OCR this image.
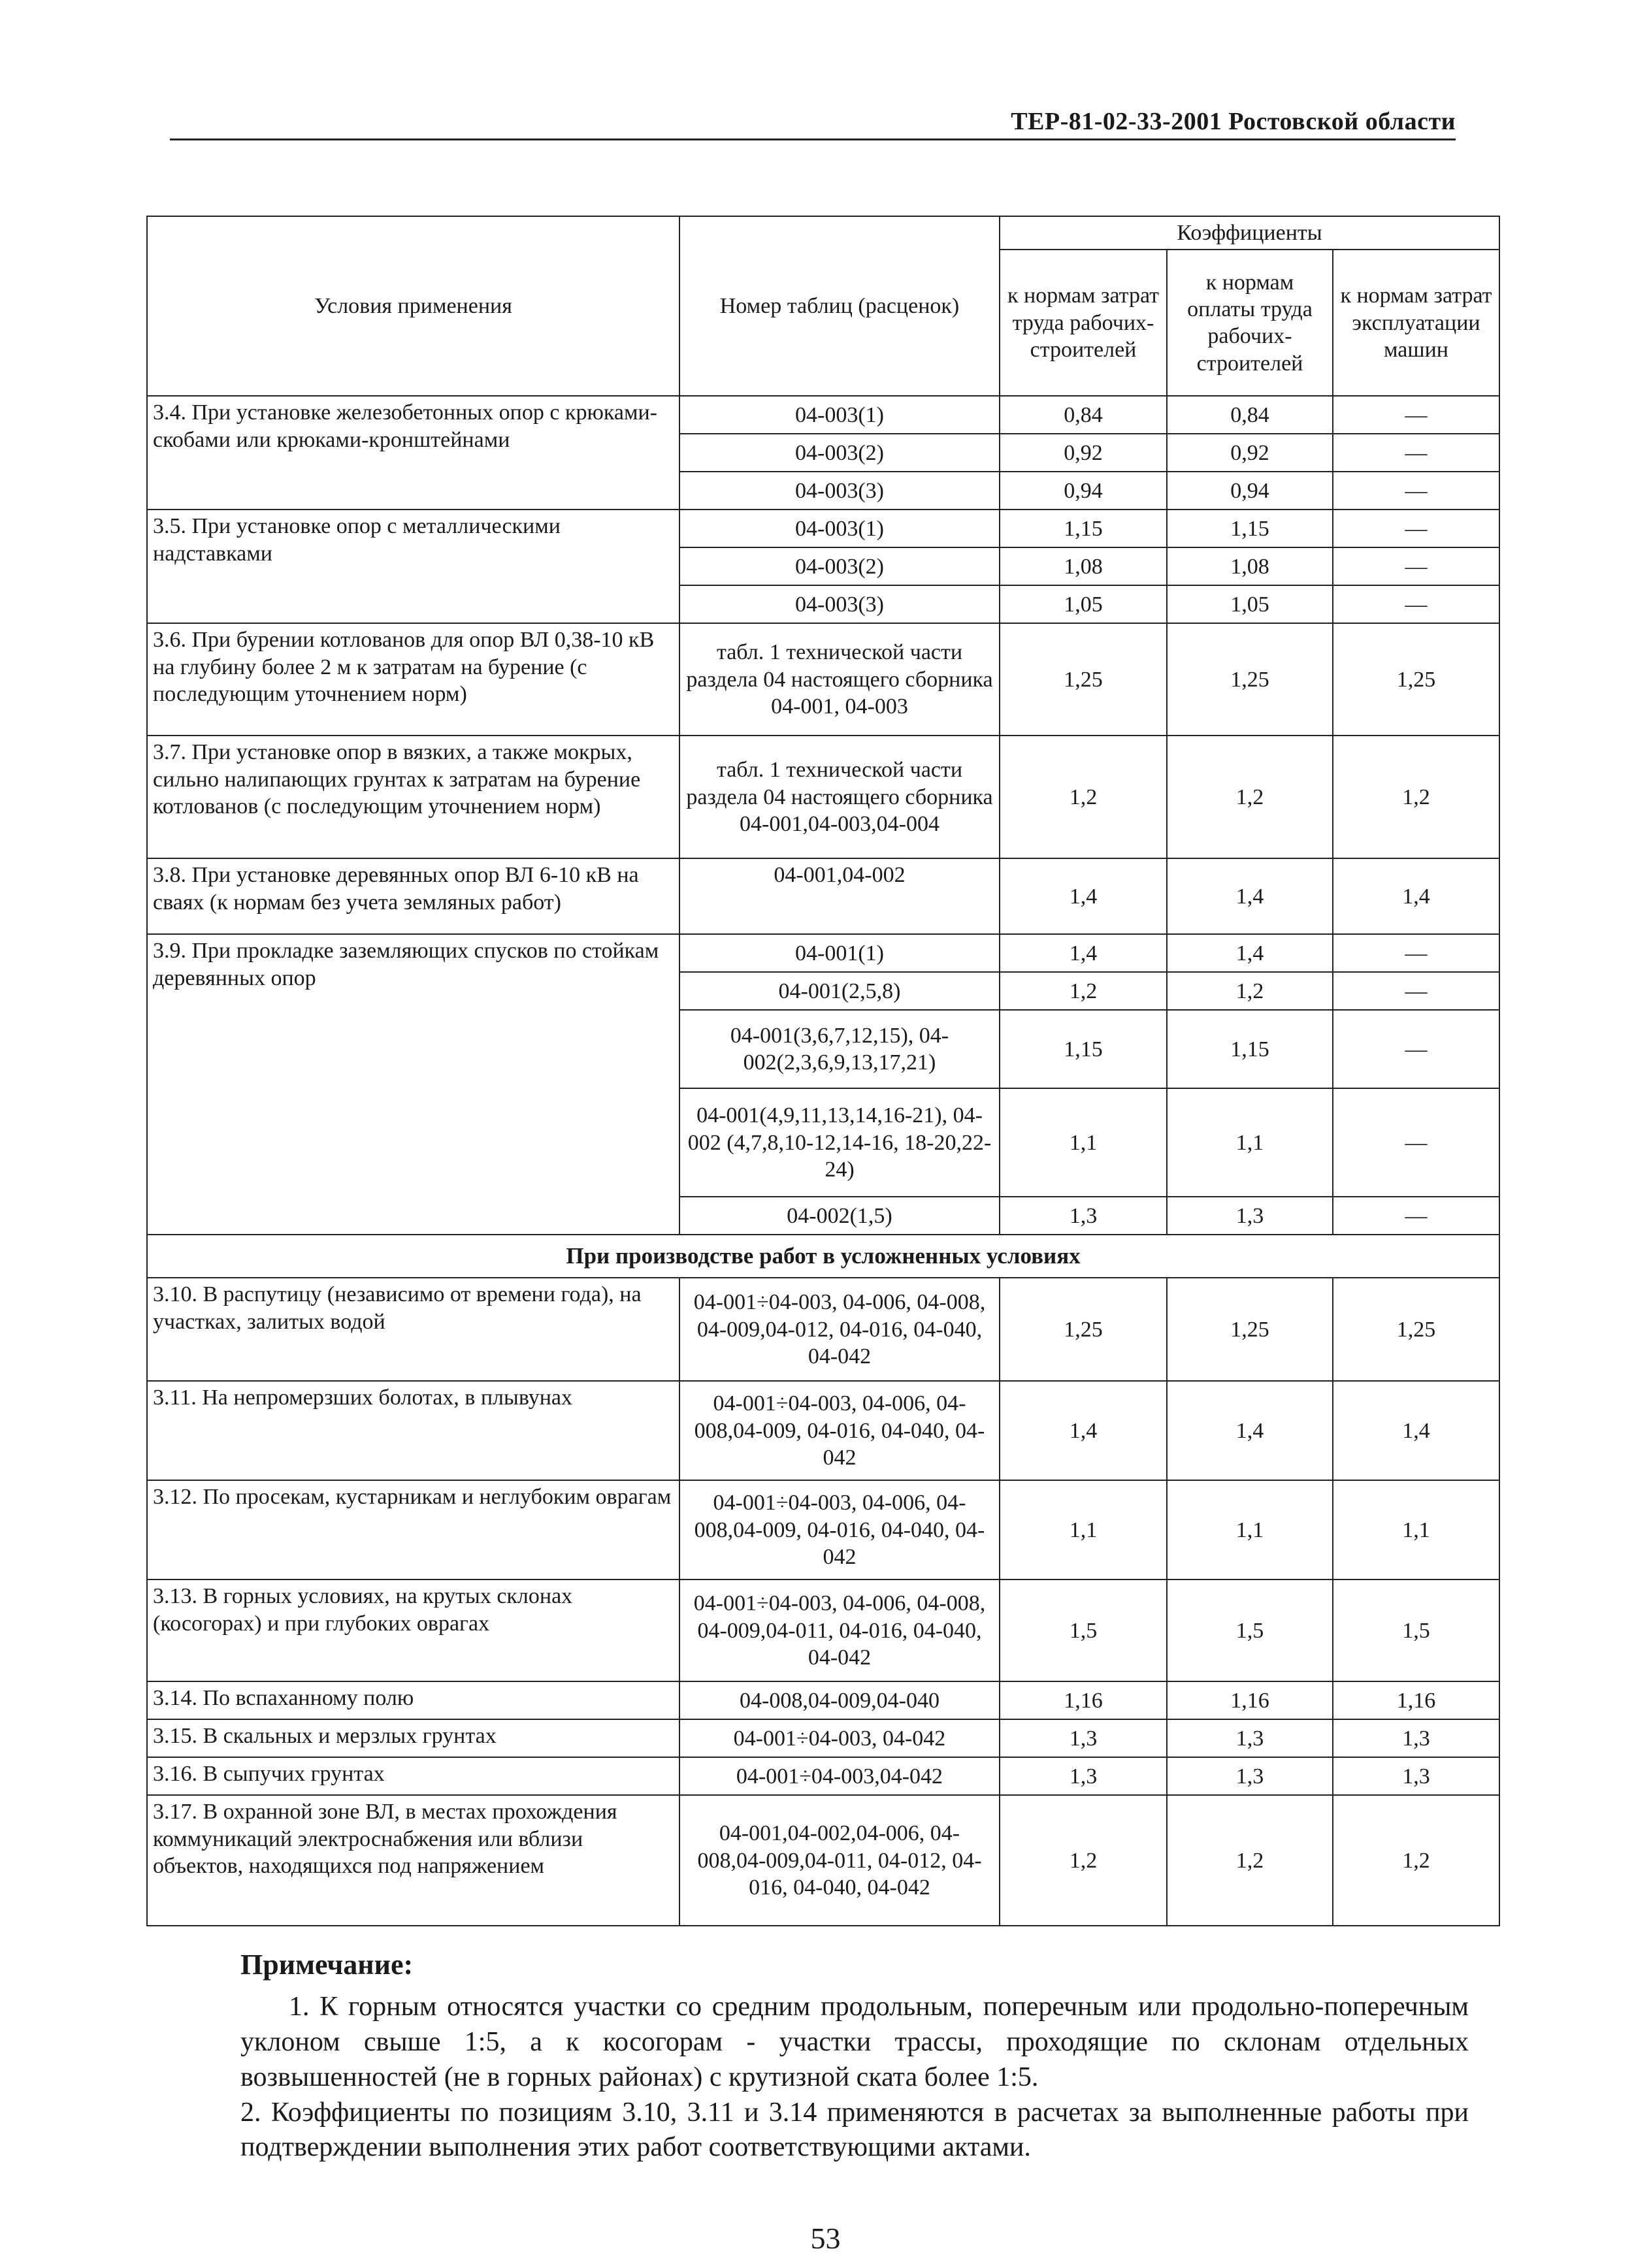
ТЕР-81-02-33-2001 Ростовской области
Условия применения	Номер таблиц (расценок)	Коэффициенты		
		к нормам затрат труда рабочих-строителей	к нормам оплаты труда рабочих-строителей	к нормам затрат эксплуатации машин
3.4. При установке железобетонных опор с крюками-скобами или крюками-кронштейнами	04-003(1)	0,84	0,84	—
	04-003(2)	0,92	0,92	—
	04-003(3)	0,94	0,94	—
3.5. При установке опор с металлическими надставками	04-003(1)	1,15	1,15	—
	04-003(2)	1,08	1,08	—
	04-003(3)	1,05	1,05	—
3.6. При бурении котлованов для опор ВЛ 0,38-10 кВ на глубину более 2 м к затратам на бурение (с последующим уточнением норм)	табл. 1 технической части раздела 04 настоящего сборника 04-001, 04-003	1,25	1,25	1,25
3.7. При установке опор в вязких, а также мокрых, сильно налипающих грунтах к затратам на бурение котлованов (с последующим уточнением норм)	табл. 1 технической части раздела 04 настоящего сборника 04-001,04-003,04-004	1,2	1,2	1,2
3.8. При установке деревянных опор ВЛ 6-10 кВ на сваях (к нормам без учета земляных работ)	04-001,04-002	1,4	1,4	1,4
3.9. При прокладке заземляющих спусков по стойкам деревянных опор	04-001(1)	1,4	1,4	—
	04-001(2,5,8)	1,2	1,2	—
	04-001(3,6,7,12,15), 04-002(2,3,6,9,13,17,21)	1,15	1,15	—
	04-001(4,9,11,13,14,16-21), 04-002 (4,7,8,10-12,14-16, 18-20,22-24)	1,1	1,1	—
	04-002(1,5)	1,3	1,3	—
При производстве работ в усложненных условиях				
3.10. В распутицу (независимо от времени года), на участках, залитых водой	04-001÷04-003, 04-006, 04-008, 04-009,04-012, 04-016, 04-040, 04-042	1,25	1,25	1,25
3.11. На непромерзших болотах, в плывунах	04-001÷04-003, 04-006, 04-008,04-009, 04-016, 04-040, 04-042	1,4	1,4	1,4
3.12. По просекам, кустарникам и неглубоким оврагам	04-001÷04-003, 04-006, 04-008,04-009, 04-016, 04-040, 04-042	1,1	1,1	1,1
3.13. В горных условиях, на крутых склонах (косогорах) и при глубоких оврагах	04-001÷04-003, 04-006, 04-008, 04-009,04-011, 04-016, 04-040, 04-042	1,5	1,5	1,5
3.14. По вспаханному полю	04-008,04-009,04-040	1,16	1,16	1,16
3.15. В скальных и мерзлых грунтах	04-001÷04-003, 04-042	1,3	1,3	1,3
3.16. В сыпучих грунтах	04-001÷04-003,04-042	1,3	1,3	1,3
3.17. В охранной зоне ВЛ, в местах прохождения коммуникаций электроснабжения или вблизи объектов, находящихся под напряжением	04-001,04-002,04-006, 04-008,04-009,04-011, 04-012, 04-016, 04-040, 04-042	1,2	1,2	1,2
Примечание:

1. К горным относятся участки со средним продольным, поперечным или продольно-поперечным уклоном свыше 1:5, а к косогорам - участки трассы, проходящие по склонам отдельных возвышенностей (не в горных районах) с крутизной ската более 1:5.

2. Коэффициенты по позициям 3.10, 3.11 и 3.14 применяются в расчетах за выполненные работы при подтверждении выполнения этих работ соответствующими актами.

53
